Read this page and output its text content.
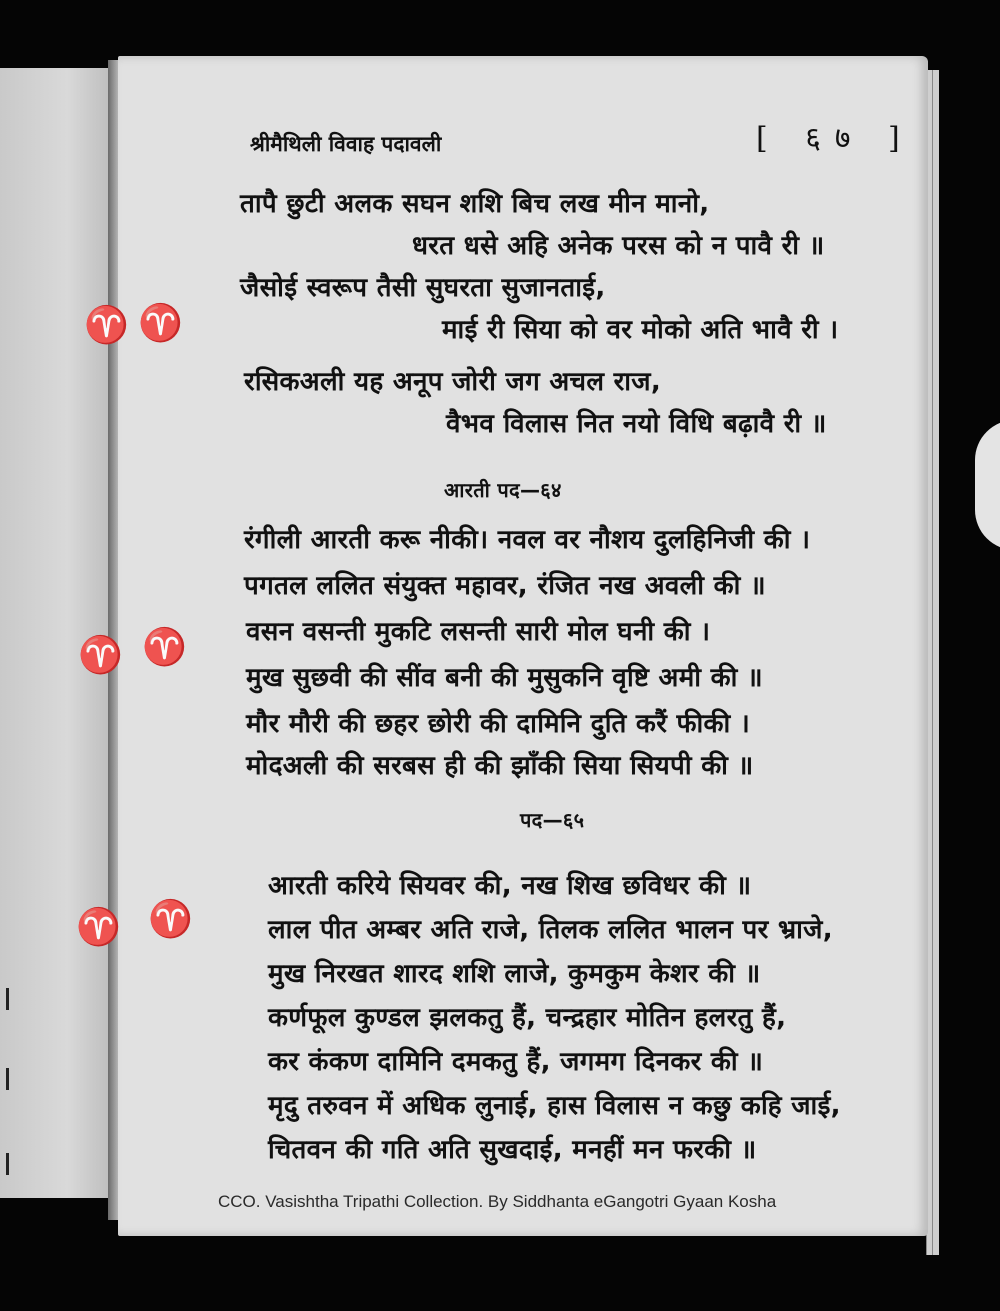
♈ ♈
♈ ♈
♈ ♈
श्रीमैथिली विवाह पदावली	[ ६७ ]
तापै छुटी अलक सघन शशि बिच लख मीन मानो,
धरत धसे अहि अनेक परस को न पावै री ॥
जैसोई स्वरूप तैसी सुघरता सुजानताई,
माई री सिया को वर मोको अति भावै री ।
रसिकअली यह अनूप जोरी जग अचल राज,
वैभव विलास नित नयो विधि बढ़ावै री ॥
आरती पद—६४
रंगीली आरती करू नीकी। नवल वर नौशय दुलहिनिजी की ।
पगतल ललित संयुक्त महावर, रंजित नख अवली की ॥
वसन वसन्ती मुकटि लसन्ती सारी मोल घनी की ।
मुख सुछवी की सींव बनी की मुसुकनि वृष्टि अमी की ॥
मौर मौरी की छहर छोरी की दामिनि दुति करैं फीकी ।
मोदअली की सरबस ही की झाँकी सिया सियपी की ॥
पद—६५
आरती करिये सियवर की, नख शिख छविधर की ॥
लाल पीत अम्बर अति राजे, तिलक ललित भालन पर भ्राजे,
मुख निरखत शारद शशि लाजे, कुमकुम केशर की ॥
कर्णफूल कुण्डल झलकतु हैं, चन्द्रहार मोतिन हलरतु हैं,
कर कंकण दामिनि दमकतु हैं, जगमग दिनकर की ॥
मृदु तरुवन में अधिक लुनाई, हास विलास न कछु कहि जाई,
चितवन की गति अति सुखदाई, मनहीं मन फरकी ॥
CCO. Vasishtha Tripathi Collection. By Siddhanta eGangotri Gyaan Kosha
